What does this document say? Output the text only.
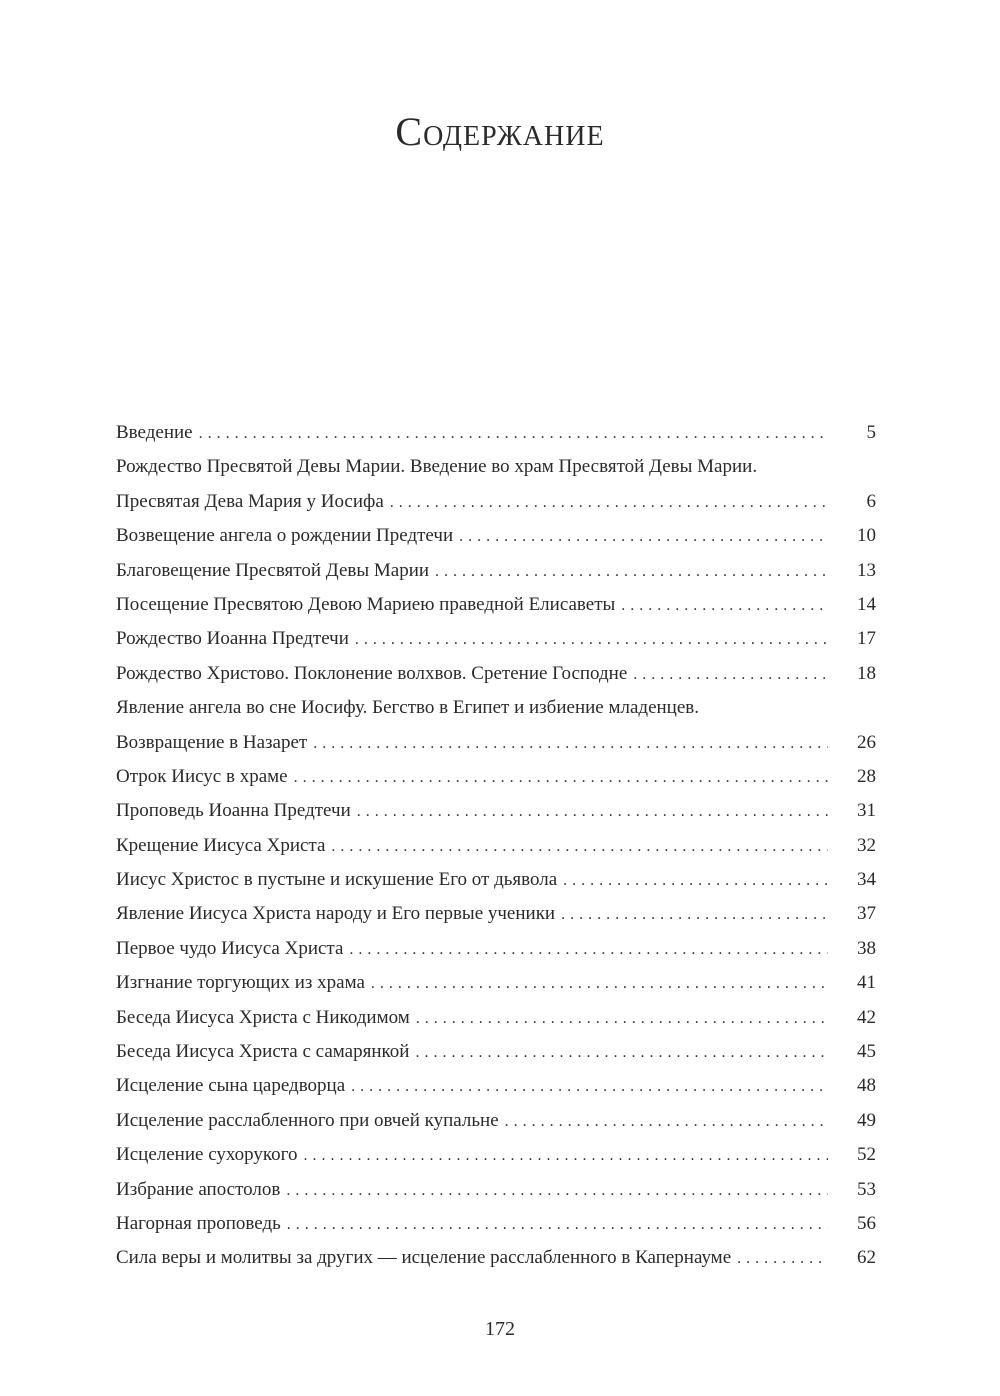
Содержание
Введение . . .	5
Рождество Пресвятой Девы Марии. Введение во храм Пресвятой Девы Марии.
Пресвятая Дева Мария у Иосифа . . .	6
Возвещение ангела о рождении Предтечи . . .	10
Благовещение Пресвятой Девы Марии . . .	13
Посещение Пресвятою Девою Мариею праведной Елисаветы . . .	14
Рождество Иоанна Предтечи . . .	17
Рождество Христово. Поклонение волхвов. Сретение Господне . . .	18
Явление ангела во сне Иосифу. Бегство в Египет и избиение младенцев.
Возвращение в Назарет . . .	26
Отрок Иисус в храме . . .	28
Проповедь Иоанна Предтечи . . .	31
Крещение Иисуса Христа . . .	32
Иисус Христос в пустыне и искушение Его от дьявола . . .	34
Явление Иисуса Христа народу и Его первые ученики . . .	37
Первое чудо Иисуса Христа . . .	38
Изгнание торгующих из храма . . .	41
Беседа Иисуса Христа с Никодимом . . .	42
Беседа Иисуса Христа с самарянкой . . .	45
Исцеление сына царедворца . . .	48
Исцеление расслабленного при овчей купальне . . .	49
Исцеление сухорукого . . .	52
Избрание апостолов . . .	53
Нагорная проповедь . . .	56
Сила веры и молитвы за других — исцеление расслабленного в Капернауме . . .	62
172
